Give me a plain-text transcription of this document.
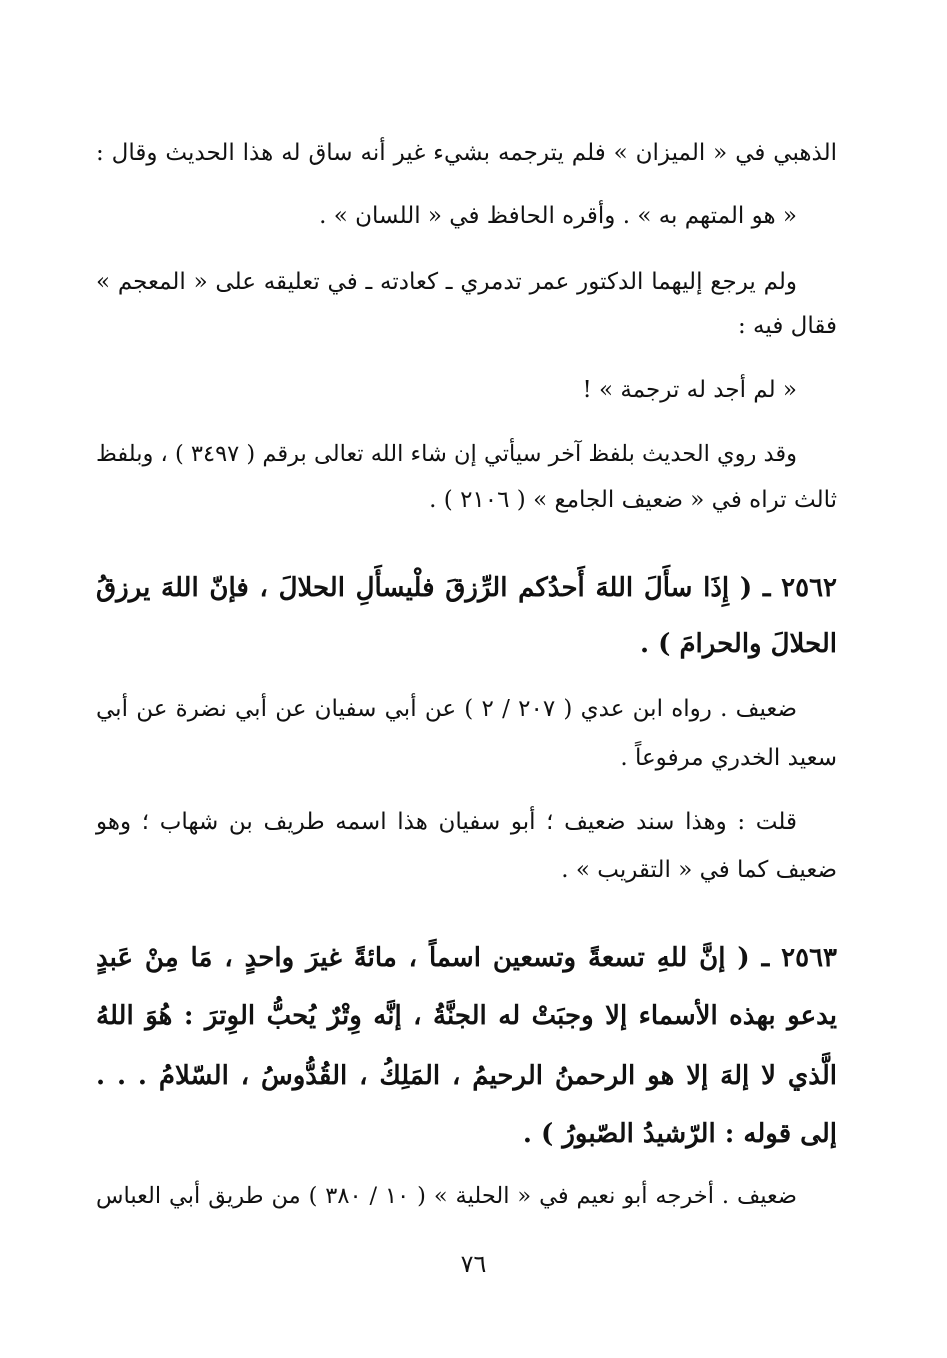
الذهبي في « الميزان » فلم يترجمه بشيء غير أنه ساق له هذا الحديث وقال :
« هو المتهم به » . وأقره الحافظ في « اللسان » .
ولم يرجع إليهما الدكتور عمر تدمري ـ كعادته ـ في تعليقه على « المعجم »
فقال فيه :
« لم أجد له ترجمة » !
وقد روي الحديث بلفظ آخر سيأتي إن شاء الله تعالى برقم ( ٣٤٩٧ ) ، وبلفظ
ثالث تراه في « ضعيف الجامع » ( ٢١٠٦ ) .
٢٥٦٢ ـ ( إِذَا سأَلَ اللهَ أَحدُكم الرِّزقَ فلْيسأَلِ الحلالَ ، فإنّ اللهَ يرزقُ
الحلالَ والحرامَ ) .
ضعيف . رواه ابن عدي ( ٢٠٧ / ٢ ) عن أبي سفيان عن أبي نضرة عن أبي
سعيد الخدري مرفوعاً .
قلت : وهذا سند ضعيف ؛ أبو سفيان هذا اسمه طريف بن شهاب ؛ وهو
ضعيف كما في « التقريب » .
٢٥٦٣ ـ ( إنَّ للهِ تسعةً وتسعين اسماً ، مائةً غيرَ واحدٍ ، مَا مِنْ عَبدٍ
يدعو بهذه الأسماء إلا وجبَتْ له الجنَّةُ ، إنَّه وِتْرٌ يُحبُّ الوِترَ : هُوَ اللهُ
الَّذي لا إلهَ إلا هو الرحمنُ الرحيمُ ، المَلِكُ ، القُدُّوسُ ، السّلامُ . . .
إلى قوله : الرّشيدُ الصّبورُ ) .
ضعيف . أخرجه أبو نعيم في « الحلية » ( ١٠ / ٣٨٠ ) من طريق أبي العباس
٧٦
